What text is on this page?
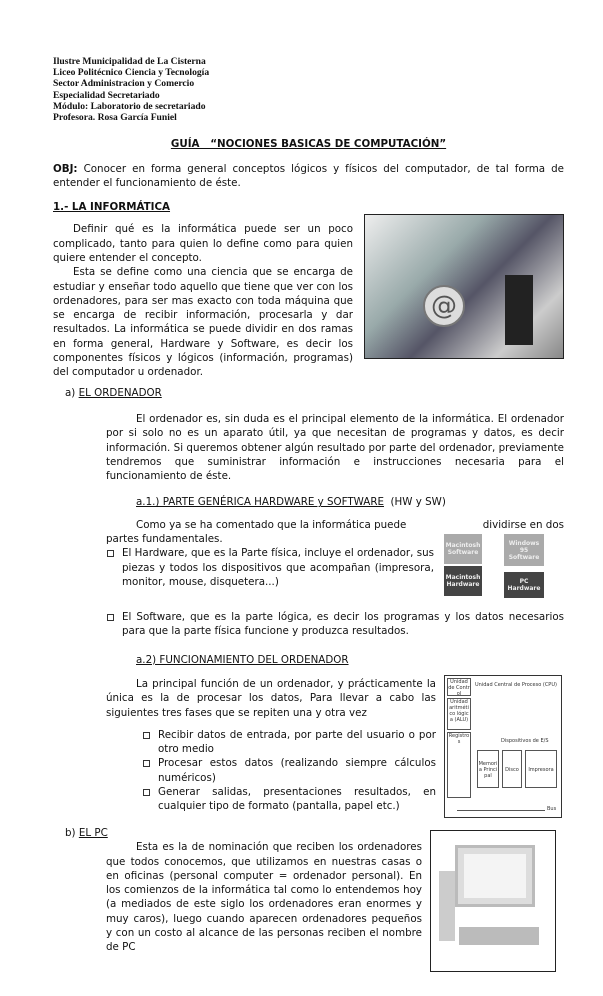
Ilustre Municipalidad de La Cisterna
Liceo Politécnico Ciencia y Tecnología
Sector Administracion y Comercio
Especialidad Secretariado
Módulo: Laboratorio de secretariado
Profesora. Rosa García Funiel
GUÍA   “NOCIONES BASICAS DE COMPUTACIÓN”
OBJ: Conocer en forma general conceptos lógicos y físicos del computador, de tal forma de entender el funcionamiento de éste.
1.- LA INFORMÁTICA
@
Definir qué es la informática puede ser un poco complicado, tanto para quien lo define como para quien quiere entender el concepto.
Esta se define como una ciencia que se encarga de estudiar y enseñar todo aquello que tiene que ver con los ordenadores, para ser mas exacto con toda máquina que se encarga de recibir información, procesarla y dar resultados. La informática se puede dividir en dos ramas en forma general, Hardware y Software, es decir los componentes físicos y lógicos (información, programas) del computador u ordenador.
a) EL ORDENADOR
El ordenador es, sin duda es el principal elemento de la informática. El ordenador por si solo no es un aparato útil, ya que necesitan de programas y datos, es decir información. Si queremos obtener algún resultado por parte del ordenador, previamente tendremos que suministrar información e instrucciones necesaria para el funcionamiento de éste.
a.1.) PARTE GENÉRICA HARDWARE y SOFTWARE  (HW y SW)
Como ya se ha comentado que la informática puede	dividirse en dos
Macintosh Software
Macintosh Hardware
Windows 95 Software
PC Hardware
partes fundamentales.
El Hardware, que es la Parte física, incluye el ordenador, sus piezas y todos los dispositivos que acompañan (impresora, monitor, mouse, disquetera...)
El Software, que es la parte lógica, es decir los programas y los datos necesarios para que la parte física funcione y produzca resultados.
a.2) FUNCIONAMIENTO DEL ORDENADOR
Unidad de Control
Unidad aritmético lógica (ALU)
Registros
Unidad Central de Proceso (CPU)
Dispositivos de E/S
Memoria Principal
Disco	Impresora
Bus
La principal función de un ordenador, y prácticamente la única es la de procesar los datos, Para llevar a cabo las siguientes tres fases que se repiten una y otra vez
Recibir datos de entrada, por parte del usuario o por otro medio
Procesar estos datos (realizando siempre cálculos numéricos)
Generar salidas, presentaciones resultados, en cualquier tipo de formato (pantalla, papel etc.)
b) EL PC
Esta es la de nominación que reciben los ordenadores que todos conocemos, que utilizamos en nuestras casas o en oficinas (personal computer = ordenador personal). En los comienzos de la informática tal como lo entendemos hoy (a mediados de este siglo los ordenadores eran enormes y muy caros), luego cuando aparecen ordenadores pequeños y con un costo al alcance de las personas reciben el nombre de PC
